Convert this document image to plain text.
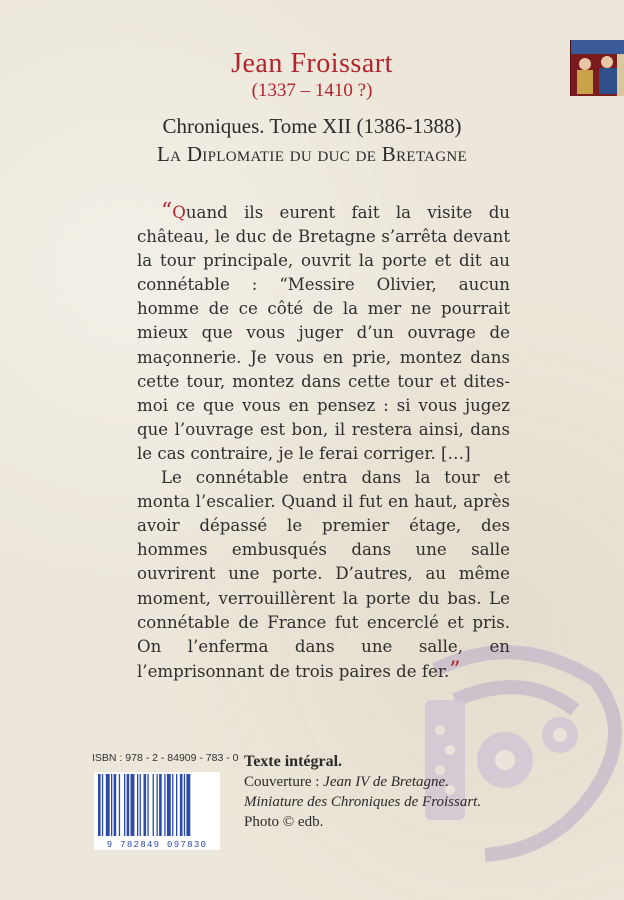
Jean Froissart
(1337 – 1410 ?)
Chroniques. Tome XII (1386-1388)
La Diplomatie du duc de Bretagne

“Quand ils eurent fait la visite du château, le duc de Bretagne s’arrêta devant la tour principale, ouvrit la porte et dit au connétable : “Messire Olivier, aucun homme de ce côté de la mer ne pourrait mieux que vous juger d’un ouvrage de maçonnerie. Je vous en prie, montez dans cette tour, montez dans cette tour et dites-moi ce que vous en pensez : si vous jugez que l’ouvrage est bon, il restera ainsi, dans le cas contraire, je le ferai corriger. […]

Le connétable entra dans la tour et monta l’escalier. Quand il fut en haut, après avoir dépassé le premier étage, des hommes embusqués dans une salle ouvrirent une porte. D’autres, au même moment, verrouillèrent la porte du bas. Le connétable de France fut encerclé et pris. On l’enferma dans une salle, en l’emprisonnant de trois paires de fer.”

ISBN : 978 - 2 - 84909 - 783 - 0
9 782849 097830
Texte intégral.
Couverture : Jean IV de Bretagne.
Miniature des Chroniques de Froissart.
Photo © edb.
